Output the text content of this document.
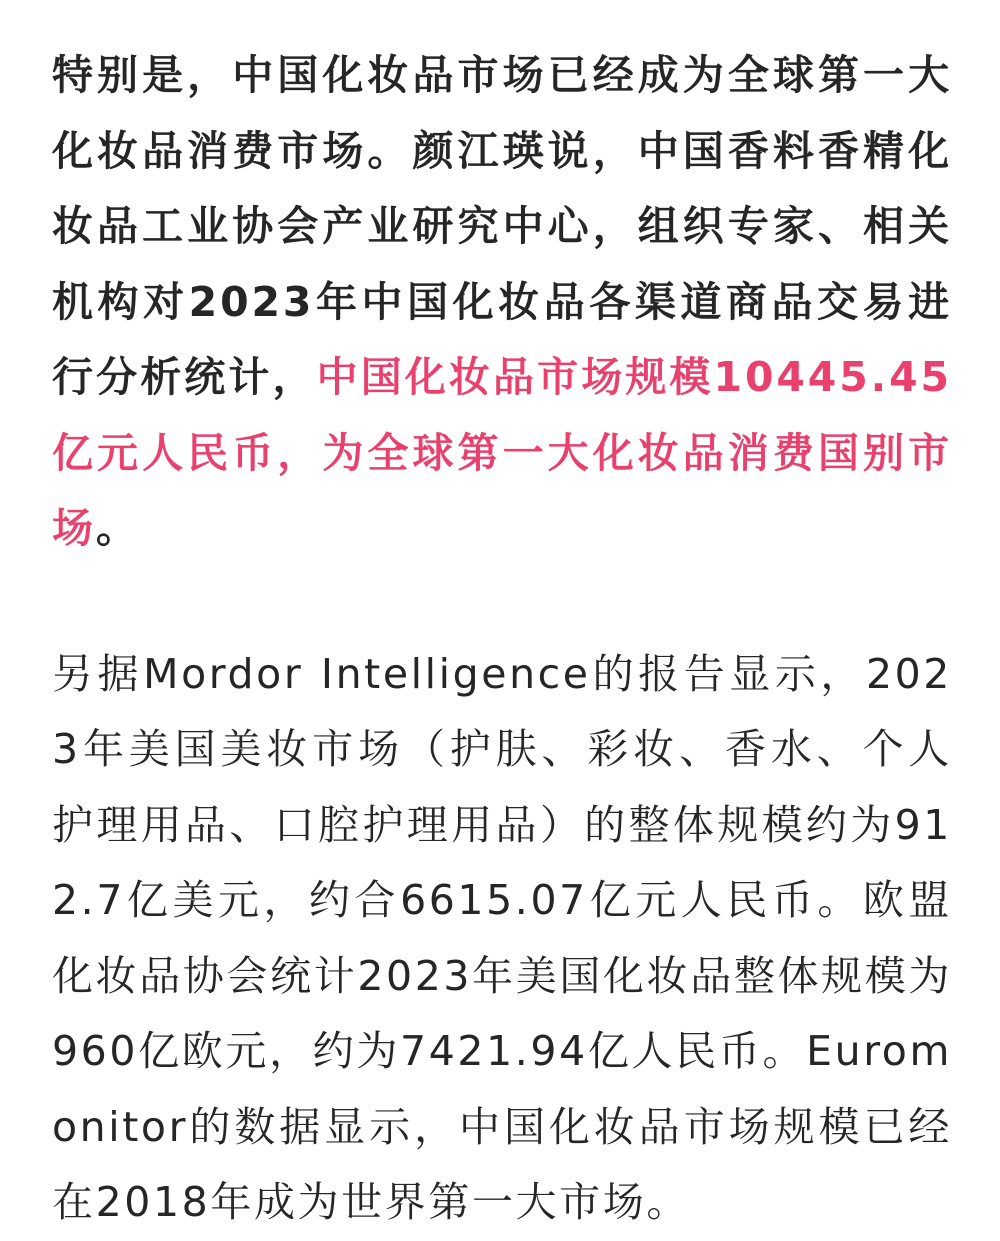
特别是，中国化妆品市场已经成为全球第一大化妆品消费市场。颜江瑛说，中国香料香精化妆品工业协会产业研究中心，组织专家、相关机构对2023年中国化妆品各渠道商品交易进行分析统计，中国化妆品市场规模10445.45亿元人民币，为全球第一大化妆品消费国别市场。

另据Mordor Intelligence的报告显示，2023年美国美妆市场（护肤、彩妆、香水、个人护理用品、口腔护理用品）的整体规模约为912.7亿美元，约合6615.07亿元人民币。欧盟化妆品协会统计2023年美国化妆品整体规模为960亿欧元，约为7421.94亿人民币。Euromonitor的数据显示，中国化妆品市场规模已经在2018年成为世界第一大市场。
